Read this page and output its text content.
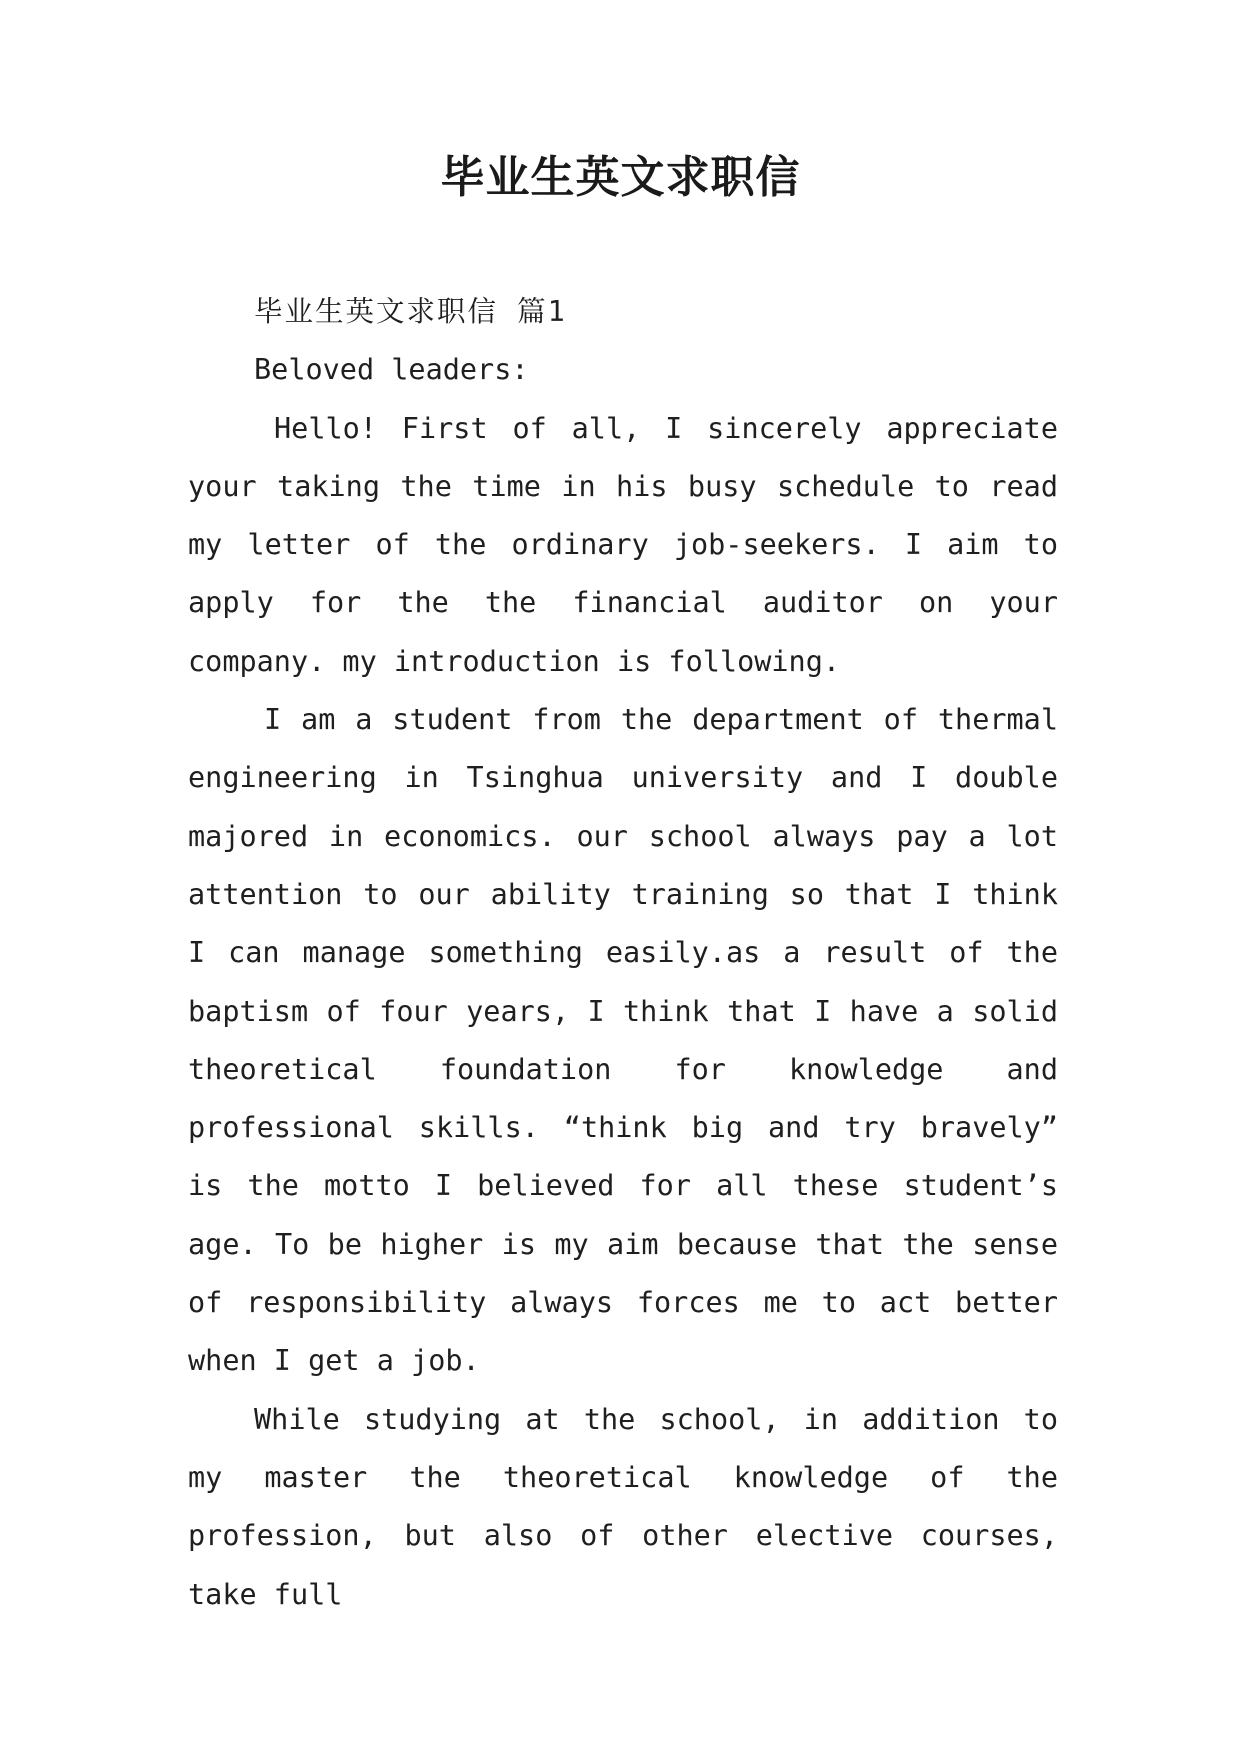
毕业生英文求职信

毕业生英文求职信 篇1

Beloved leaders:

Hello! First of all, I sincerely appreciate your taking the time in his busy schedule to read my letter of the ordinary job-seekers. I aim to apply for the the financial auditor on your company. my introduction is following.

I am a student from the department of thermal engineering in Tsinghua university and I double majored in economics. our school always pay a lot attention to our ability training so that I think I can manage something easily.as a result of the baptism of four years, I think that I have a solid theoretical foundation for knowledge and professional skills. “think big and try bravely” is the motto I believed for all these student’s age. To be higher is my aim because that the sense of responsibility always forces me to act better when I get a job.

While studying at the school, in addition to my master the theoretical knowledge of the profession, but also of other elective courses, take full
